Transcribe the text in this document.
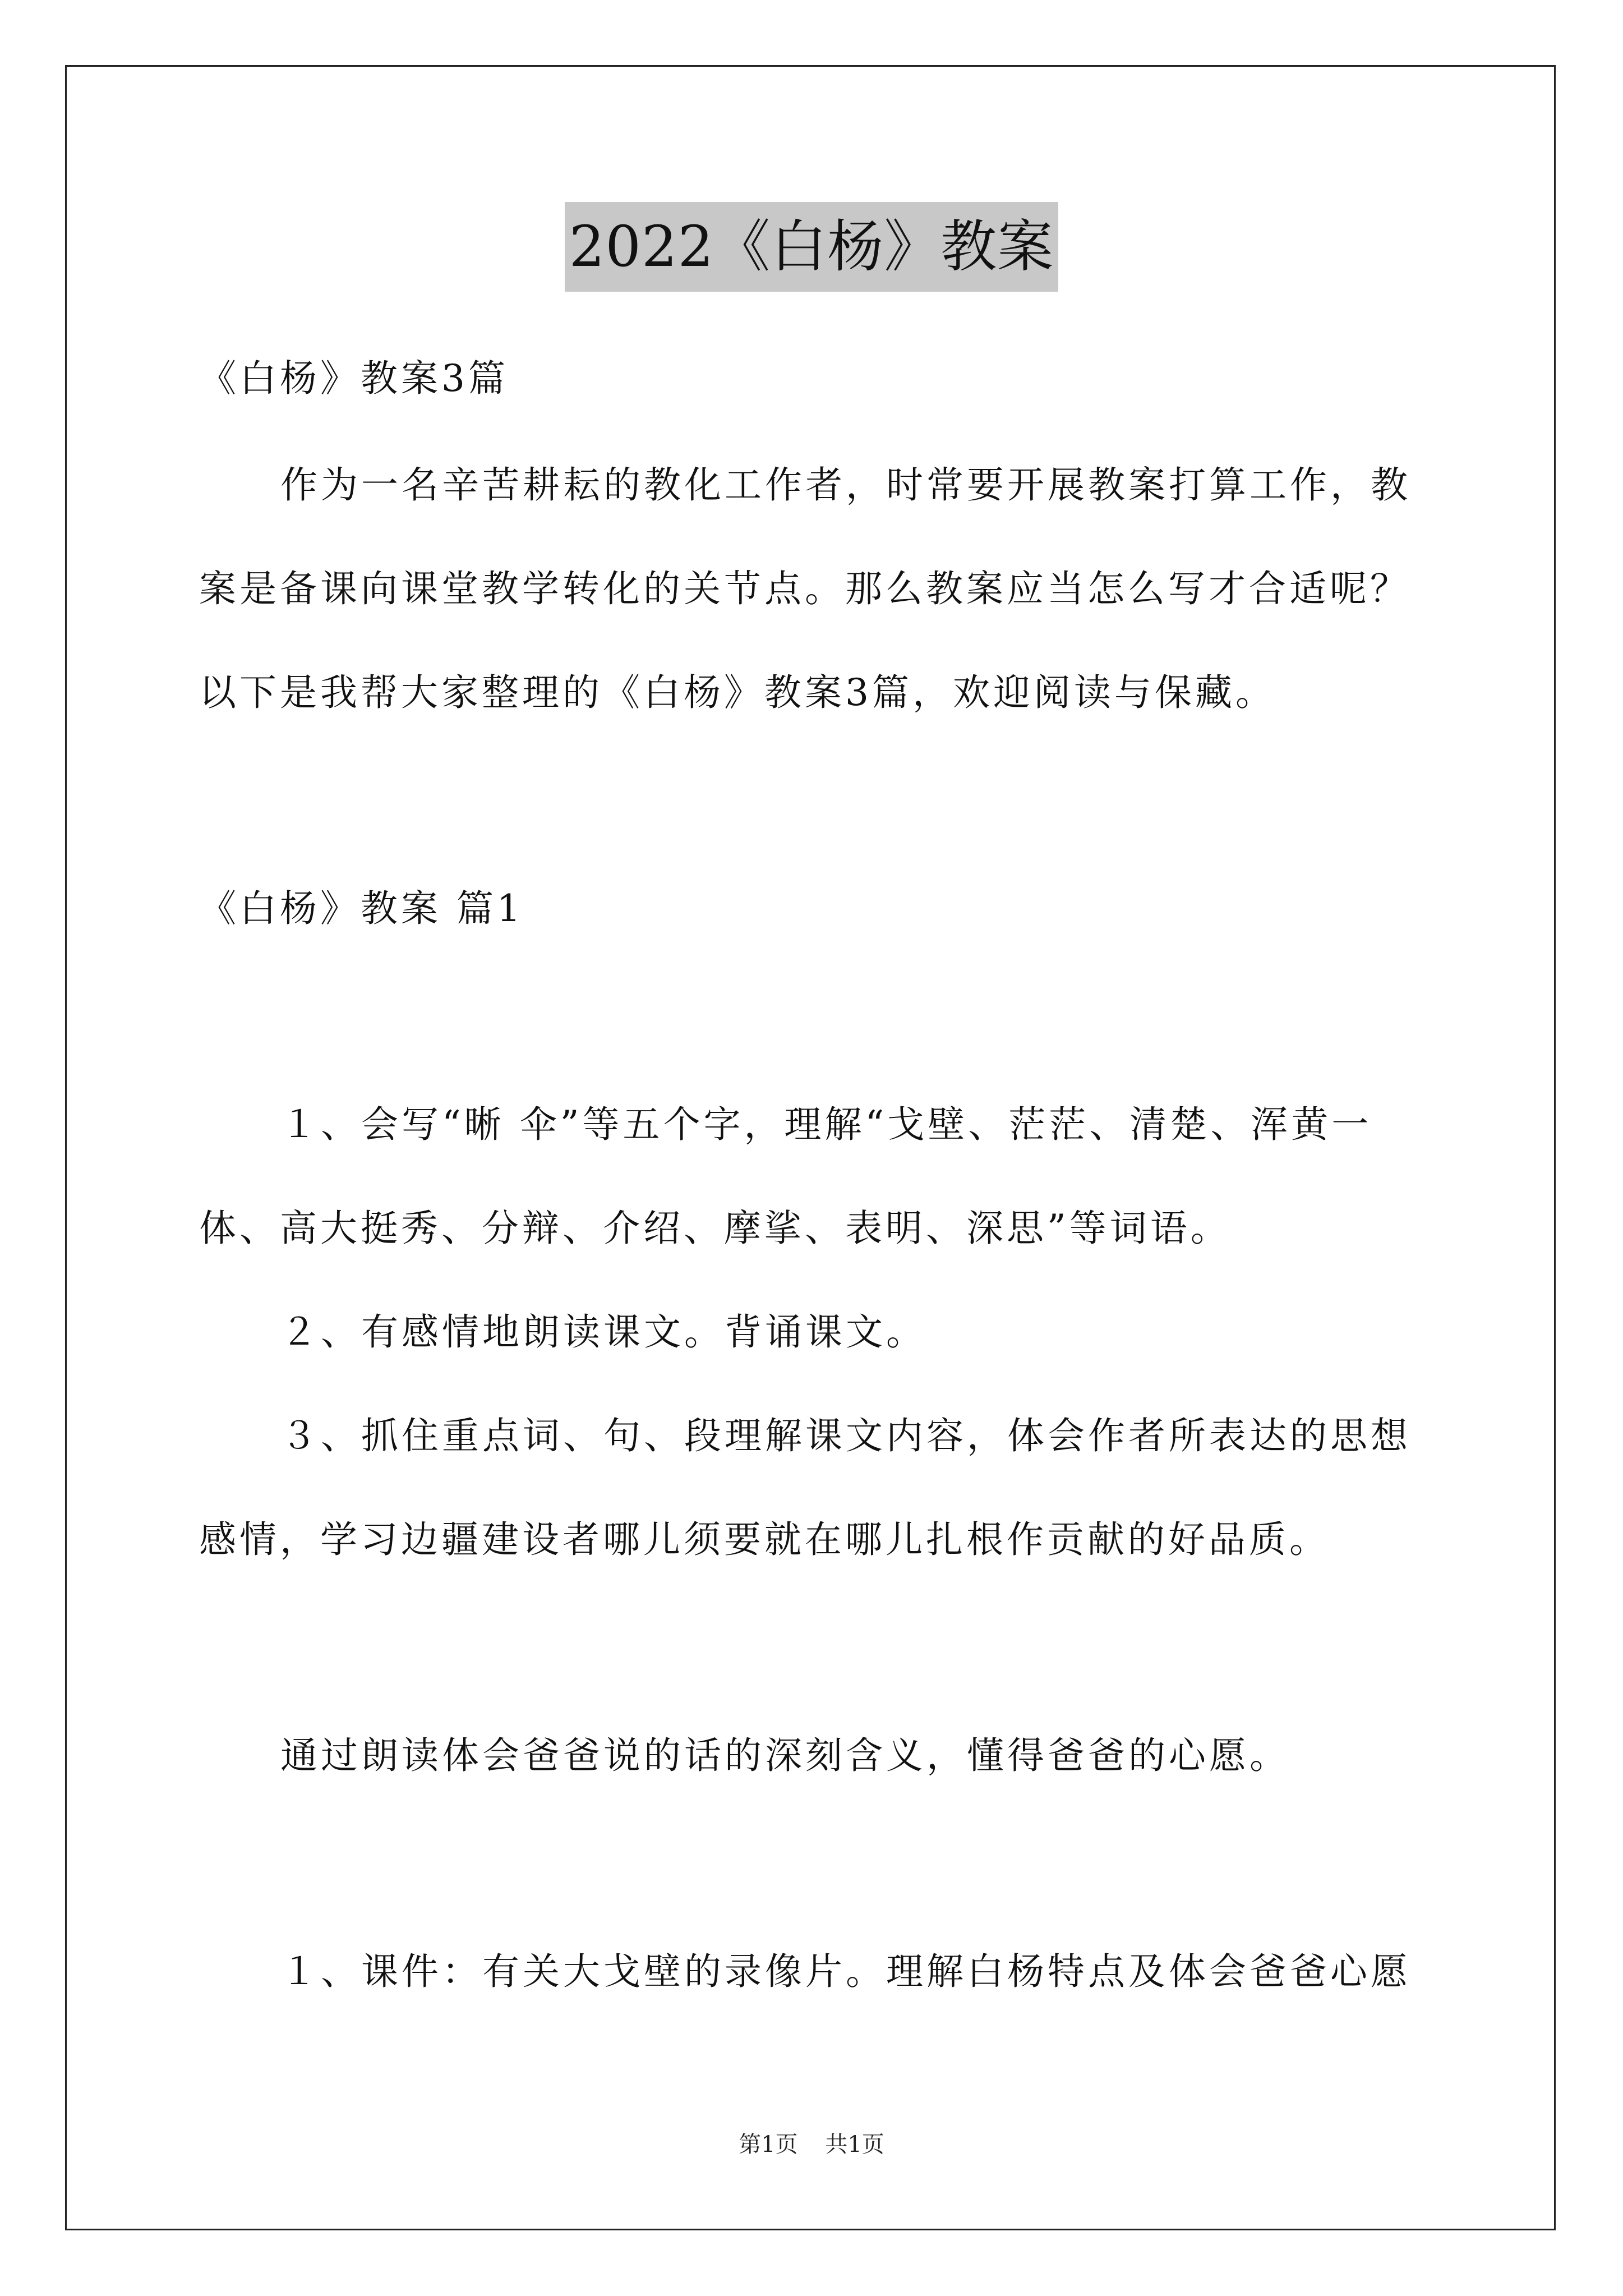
2022《白杨》教案
《白杨》教案3篇
作为一名辛苦耕耘的教化工作者，时常要开展教案打算工作，教
案是备课向课堂教学转化的关节点。那么教案应当怎么写才合适呢？
以下是我帮大家整理的《白杨》教案3篇，欢迎阅读与保藏。
《白杨》教案 篇1
１、会写“晰 伞”等五个字，理解“戈壁、茫茫、清楚、浑黄一
体、高大挺秀、分辩、介绍、摩挲、表明、深思”等词语。
２、有感情地朗读课文。背诵课文。
３、抓住重点词、句、段理解课文内容，体会作者所表达的思想
感情，学习边疆建设者哪儿须要就在哪儿扎根作贡献的好品质。
通过朗读体会爸爸说的话的深刻含义，懂得爸爸的心愿。
１、课件：有关大戈壁的录像片。理解白杨特点及体会爸爸心愿
第1页 共1页
